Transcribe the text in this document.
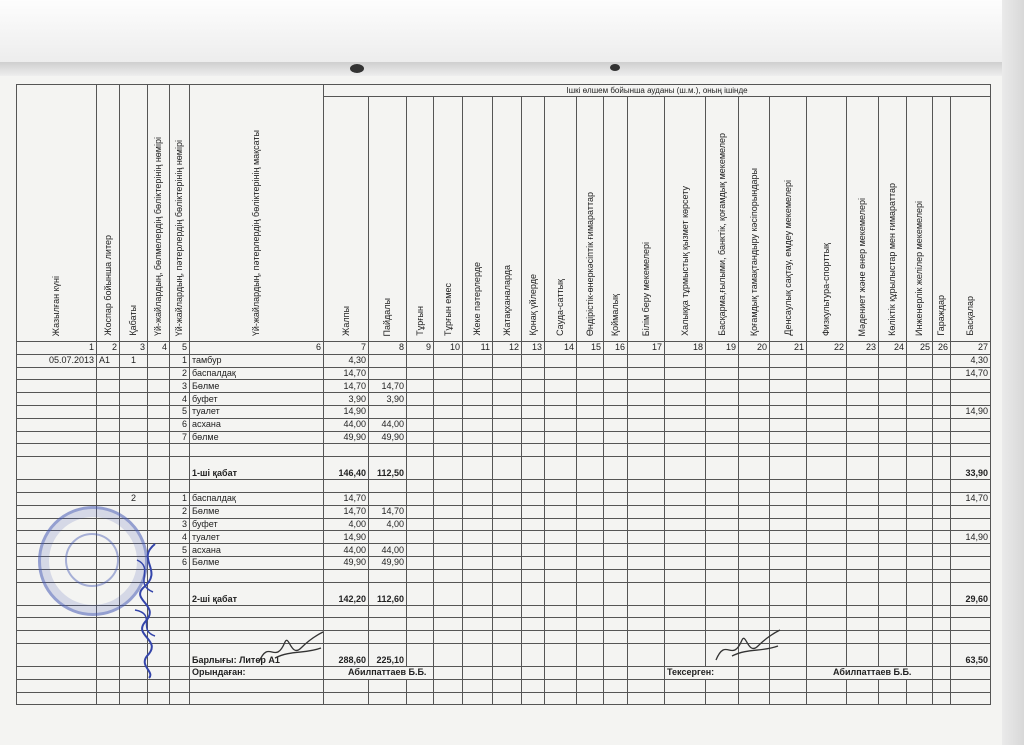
Жазылған күні	Жоспар бойынша литер	Қабаты	Үй-жайлардың, бөлмелердің бөліктерінің нөмірі	Үй-жайлардың, пәтерлердің бөліктерінің нөмірі	Үй-жайлардың, пәтерлердің бөліктерінің мақсаты	Ішкі өлшем бойынша ауданы (ш.м.), оның ішінде																				
						Жалпы	Пайдалы	Тұрғын	Тұрғын емес	Жеке пәтерлерде	Жатақханаларда	Қонақ үйлерде	Сауда-саттық	Өндірістік-өнеркәсіптік ғимараттар	Қоймалық	Білім беру мекемелері	Халыққа тұрмыстық қызмет көрсету	Басқарма,ғылыми, банктік, қоғамдық мекемелер	Қоғамдық тамақтандыру кәсіпорындары	Денсаулық сақтау, емдеу мекемелері	Физкультура-спорттық	Мәдениет және өнер мекемелері	Көліктік құрылыстар мен ғимараттар	Инженерлік желілер мекемелері	Гараждар	Басқалар
1	2	3	4	5	6	7	8	9	10	11	12	13	14	15	16	17	18	19	20	21	22	23	24	25	26	27
05.07.2013	А1	1		1	тамбур	4,30																				4,30
				2	баспалдақ	14,70																				14,70
				3	Бөлме	14,70	14,70																			
				4	буфет	3,90	3,90																			
				5	туалет	14,90																				14,90
				6	асхана	44,00	44,00																			
				7	бөлме	49,90	49,90																			

					1-ші қабат	146,40	112,50																			33,90

		2		1	баспалдақ	14,70																				14,70
				2	Бөлме	14,70	14,70																			
				3	буфет	4,00	4,00																			
				4	туалет	14,90																				14,90
				5	асхана	44,00	44,00																			
				6	Бөлме	49,90	49,90																			

					2-ші қабат	142,20	112,60																			29,60

					Барлығы: Литер А1	288,60	225,10																			63,50
					Орындаған:	Абилпаттаев Б.Б.											Тексерген:				Абилпаттаев Б.Б.					
